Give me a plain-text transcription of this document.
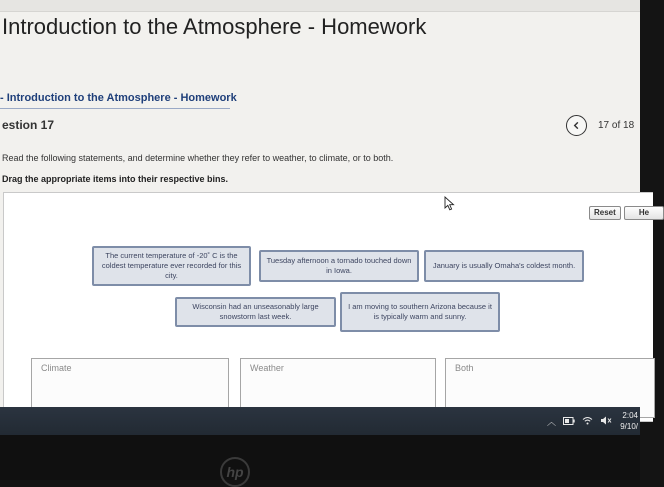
Introduction to the Atmosphere - Homework
- Introduction to the Atmosphere - Homework
estion 17	17 of 18
Read the following statements, and determine whether they refer to weather, to climate, or to both.
Drag the appropriate items into their respective bins.
Reset	He
The current temperature of -20˚ C is the coldest temperature ever recorded for this city.
Tuesday afternoon a tornado touched down in Iowa.
January is usually Omaha's coldest month.
Wisconsin had an unseasonably large snowstorm last week.
I am moving to southern Arizona because it is typically warm and sunny.
Climate	Weather	Both
︿
2:04
9/10/
hp
